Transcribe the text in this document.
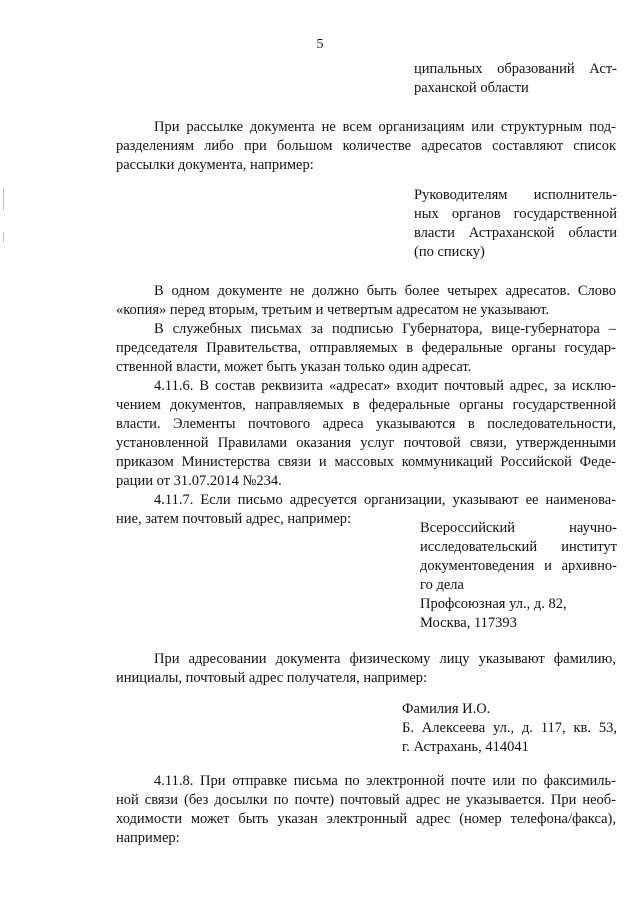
5
ципальных образований Аст-
раханской области
При рассылке документа не всем организациям или структурным под-
разделениям либо при большом количестве адресатов составляют список
рассылки документа, например:
Руководителям исполнитель-
ных органов государственной
власти Астраханской области
(по списку)
В одном документе не должно быть более четырех адресатов. Слово
«копия» перед вторым, третьим и четвертым адресатом не указывают.
В служебных письмах за подписью Губернатора, вице-губернатора –
председателя Правительства, отправляемых в федеральные органы государ-
ственной власти, может быть указан только один адресат.
4.11.6. В состав реквизита «адресат» входит почтовый адрес, за исклю-
чением документов, направляемых в федеральные органы государственной
власти. Элементы почтового адреса указываются в последовательности,
установленной Правилами оказания услуг почтовой связи, утвержденными
приказом Министерства связи и массовых коммуникаций Российской Феде-
рации от 31.07.2014 №234.
4.11.7. Если письмо адресуется организации, указывают ее наименова-
ние, затем почтовый адрес, например:
Всероссийский научно-
исследовательский институт
документоведения и архивно-
го дела
Профсоюзная ул., д. 82,
Москва, 117393
При адресовании документа физическому лицу указывают фамилию,
инициалы, почтовый адрес получателя, например:
Фамилия И.О.
Б. Алексеева ул., д. 117, кв. 53,
г. Астрахань, 414041
4.11.8. При отправке письма по электронной почте или по факсимиль-
ной связи (без досылки по почте) почтовый адрес не указывается. При необ-
ходимости может быть указан электронный адрес (номер телефона/факса),
например:
